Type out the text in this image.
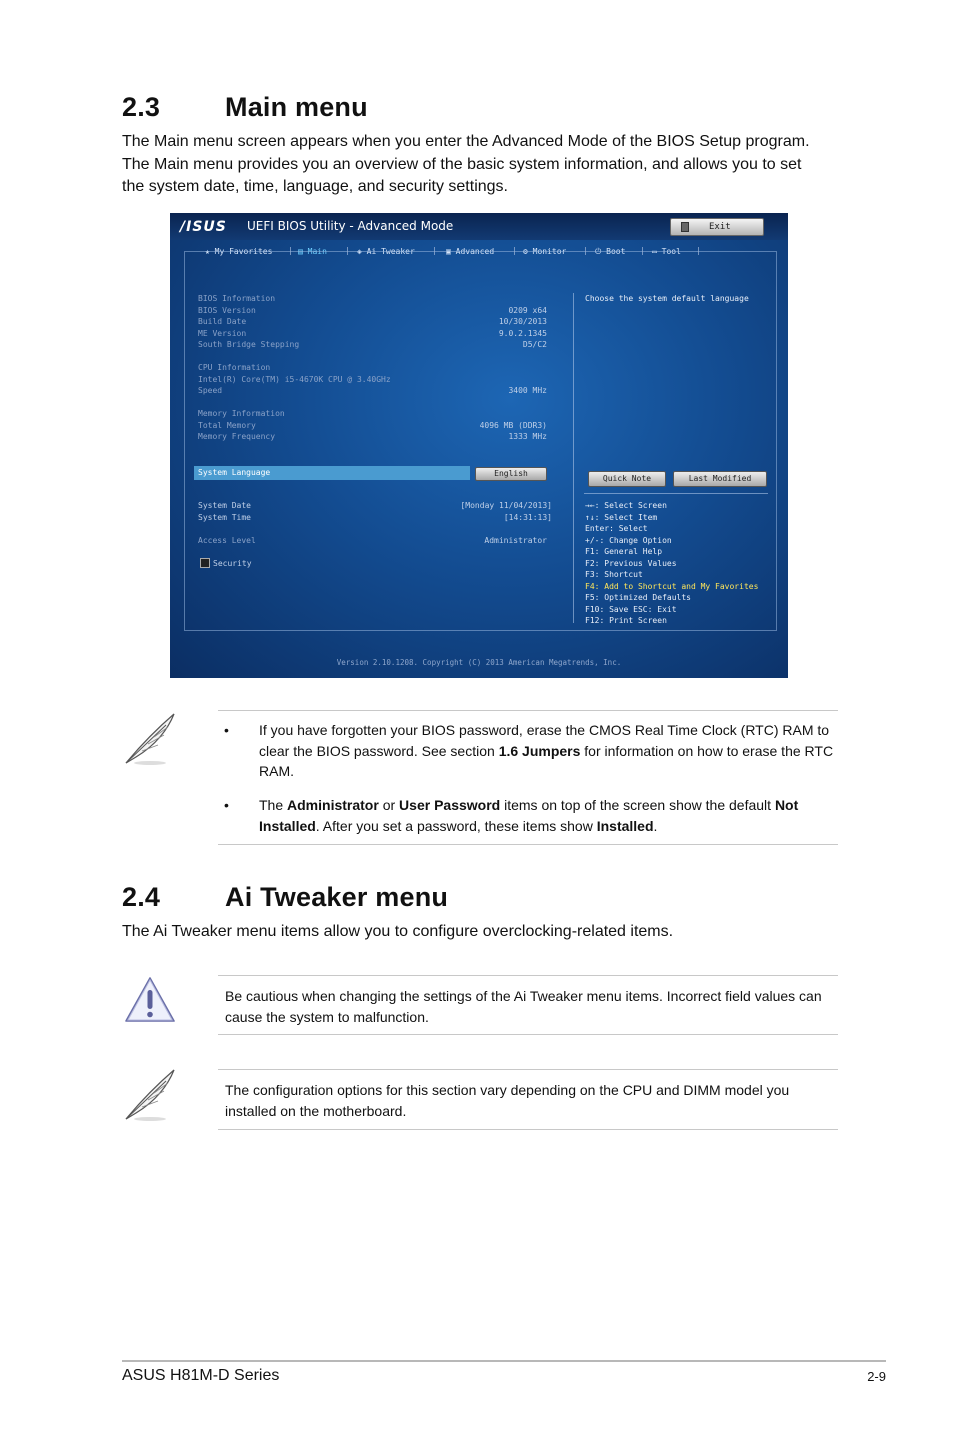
2.3 Main menu
The Main menu screen appears when you enter the Advanced Mode of the BIOS Setup program. The Main menu provides you an overview of the basic system information, and allows you to set the system date, time, language, and security settings.
/ISUS UEFI BIOS Utility - Advanced Mode	Exit
★ My Favorites | ▤ Main | ◈ Ai Tweaker | ▣ Advanced | ⚙ Monitor | ⏻ Boot | ▭ Tool |
BIOS Information
BIOS Version	0209 x64
Build Date	10/30/2013
ME Version	9.0.2.1345
South Bridge Stepping	D5/C2
CPU Information
Intel(R) Core(TM) i5-4670K CPU @ 3.40GHz
Speed	3400 MHz
Memory Information
Total Memory	4096 MB (DDR3)
Memory Frequency	1333 MHz
System Language	English
System Date	[Monday 11/04/2013]
System Time	[14:31:13]
Access Level	Administrator
Security
Choose the system default language
Quick Note	Last Modified
→←: Select Screen
↑↓: Select Item
Enter: Select
+/-: Change Option
F1: General Help
F2: Previous Values
F3: Shortcut
F4: Add to Shortcut and My Favorites
F5: Optimized Defaults
F10: Save ESC: Exit
F12: Print Screen
Version 2.10.1208. Copyright (C) 2013 American Megatrends, Inc.
• If you have forgotten your BIOS password, erase the CMOS Real Time Clock (RTC) RAM to clear the BIOS password. See section 1.6 Jumpers for information on how to erase the RTC RAM.
• The Administrator or User Password items on top of the screen show the default Not Installed. After you set a password, these items show Installed.
2.4 Ai Tweaker menu
The Ai Tweaker menu items allow you to configure overclocking-related items.

Be cautious when changing the settings of the Ai Tweaker menu items. Incorrect field values can cause the system to malfunction.

The configuration options for this section vary depending on the CPU and DIMM model you installed on the motherboard.

ASUS H81M-D Series	2-9
